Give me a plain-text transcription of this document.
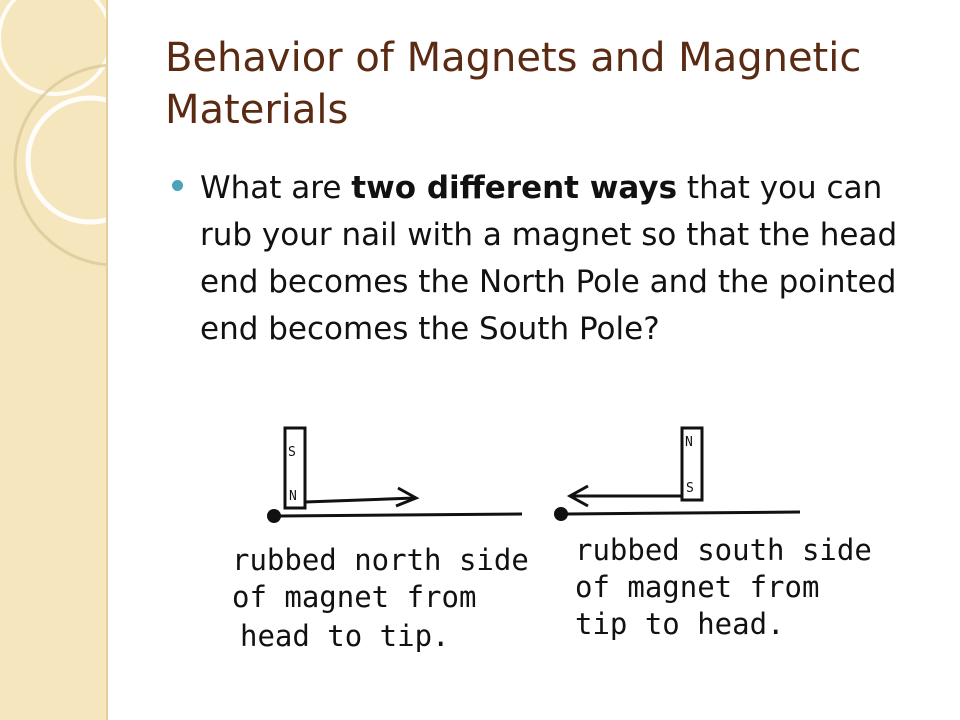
Behavior of Magnets and Magnetic Materials
What are two different ways that you can rub your nail with a magnet so that the head end becomes the North Pole and the pointed end becomes the South Pole?
S
N
rubbed north side
of magnet from
head to tip.
N
S
rubbed south side
of magnet from
tip to head.
